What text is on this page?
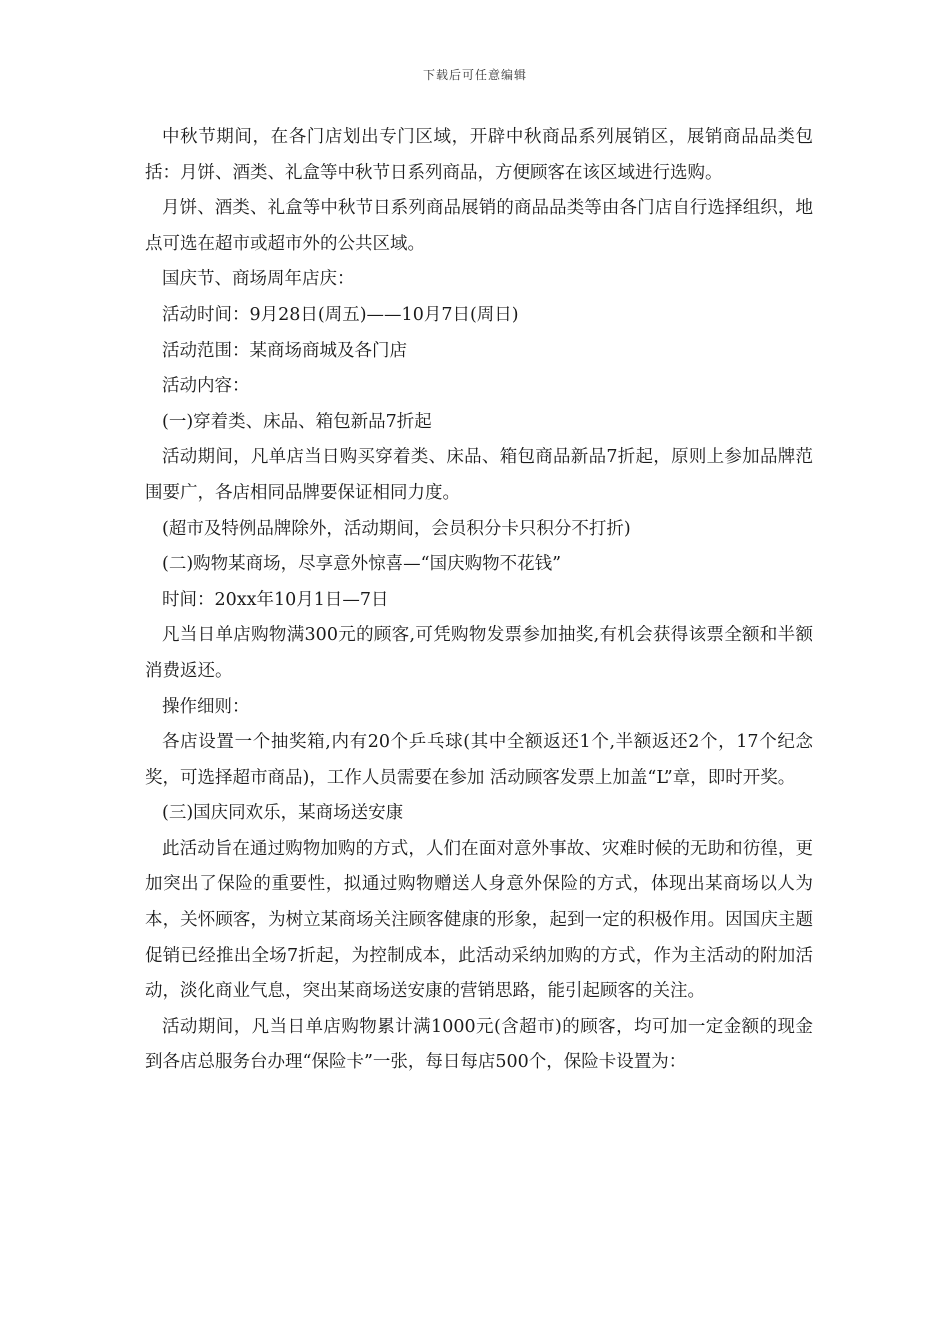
下载后可任意编辑

中秋节期间，在各门店划出专门区域，开辟中秋商品系列展销区，展销商品品类包括：月饼、酒类、礼盒等中秋节日系列商品，方便顾客在该区域进行选购。

月饼、酒类、礼盒等中秋节日系列商品展销的商品品类等由各门店自行选择组织，地点可选在超市或超市外的公共区域。

国庆节、商场周年店庆：

活动时间：9月28日(周五)——10月7日(周日)

活动范围：某商场商城及各门店

活动内容：

(一)穿着类、床品、箱包新品7折起

活动期间，凡单店当日购买穿着类、床品、箱包商品新品7折起，原则上参加品牌范围要广，各店相同品牌要保证相同力度。

(超市及特例品牌除外，活动期间，会员积分卡只积分不打折)

(二)购物某商场，尽享意外惊喜—“国庆购物不花钱”

时间：20xx年10月1日—7日

凡当日单店购物满300元的顾客,可凭购物发票参加抽奖,有机会获得该票全额和半额消费返还。

操作细则：

各店设置一个抽奖箱,内有20个乒乓球(其中全额返还1个,半额返还2个，17个纪念奖，可选择超市商品)，工作人员需要在参加 活动顾客发票上加盖“L”章，即时开奖。

(三)国庆同欢乐，某商场送安康

此活动旨在通过购物加购的方式，人们在面对意外事故、灾难时候的无助和彷徨，更加突出了保险的重要性，拟通过购物赠送人身意外保险的方式，体现出某商场以人为本，关怀顾客，为树立某商场关注顾客健康的形象，起到一定的积极作用。因国庆主题促销已经推出全场7折起，为控制成本，此活动采纳加购的方式，作为主活动的附加活动，淡化商业气息，突出某商场送安康的营销思路，能引起顾客的关注。

活动期间，凡当日单店购物累计满1000元(含超市)的顾客，均可加一定金额的现金到各店总服务台办理“保险卡”一张，每日每店500个，保险卡设置为：
